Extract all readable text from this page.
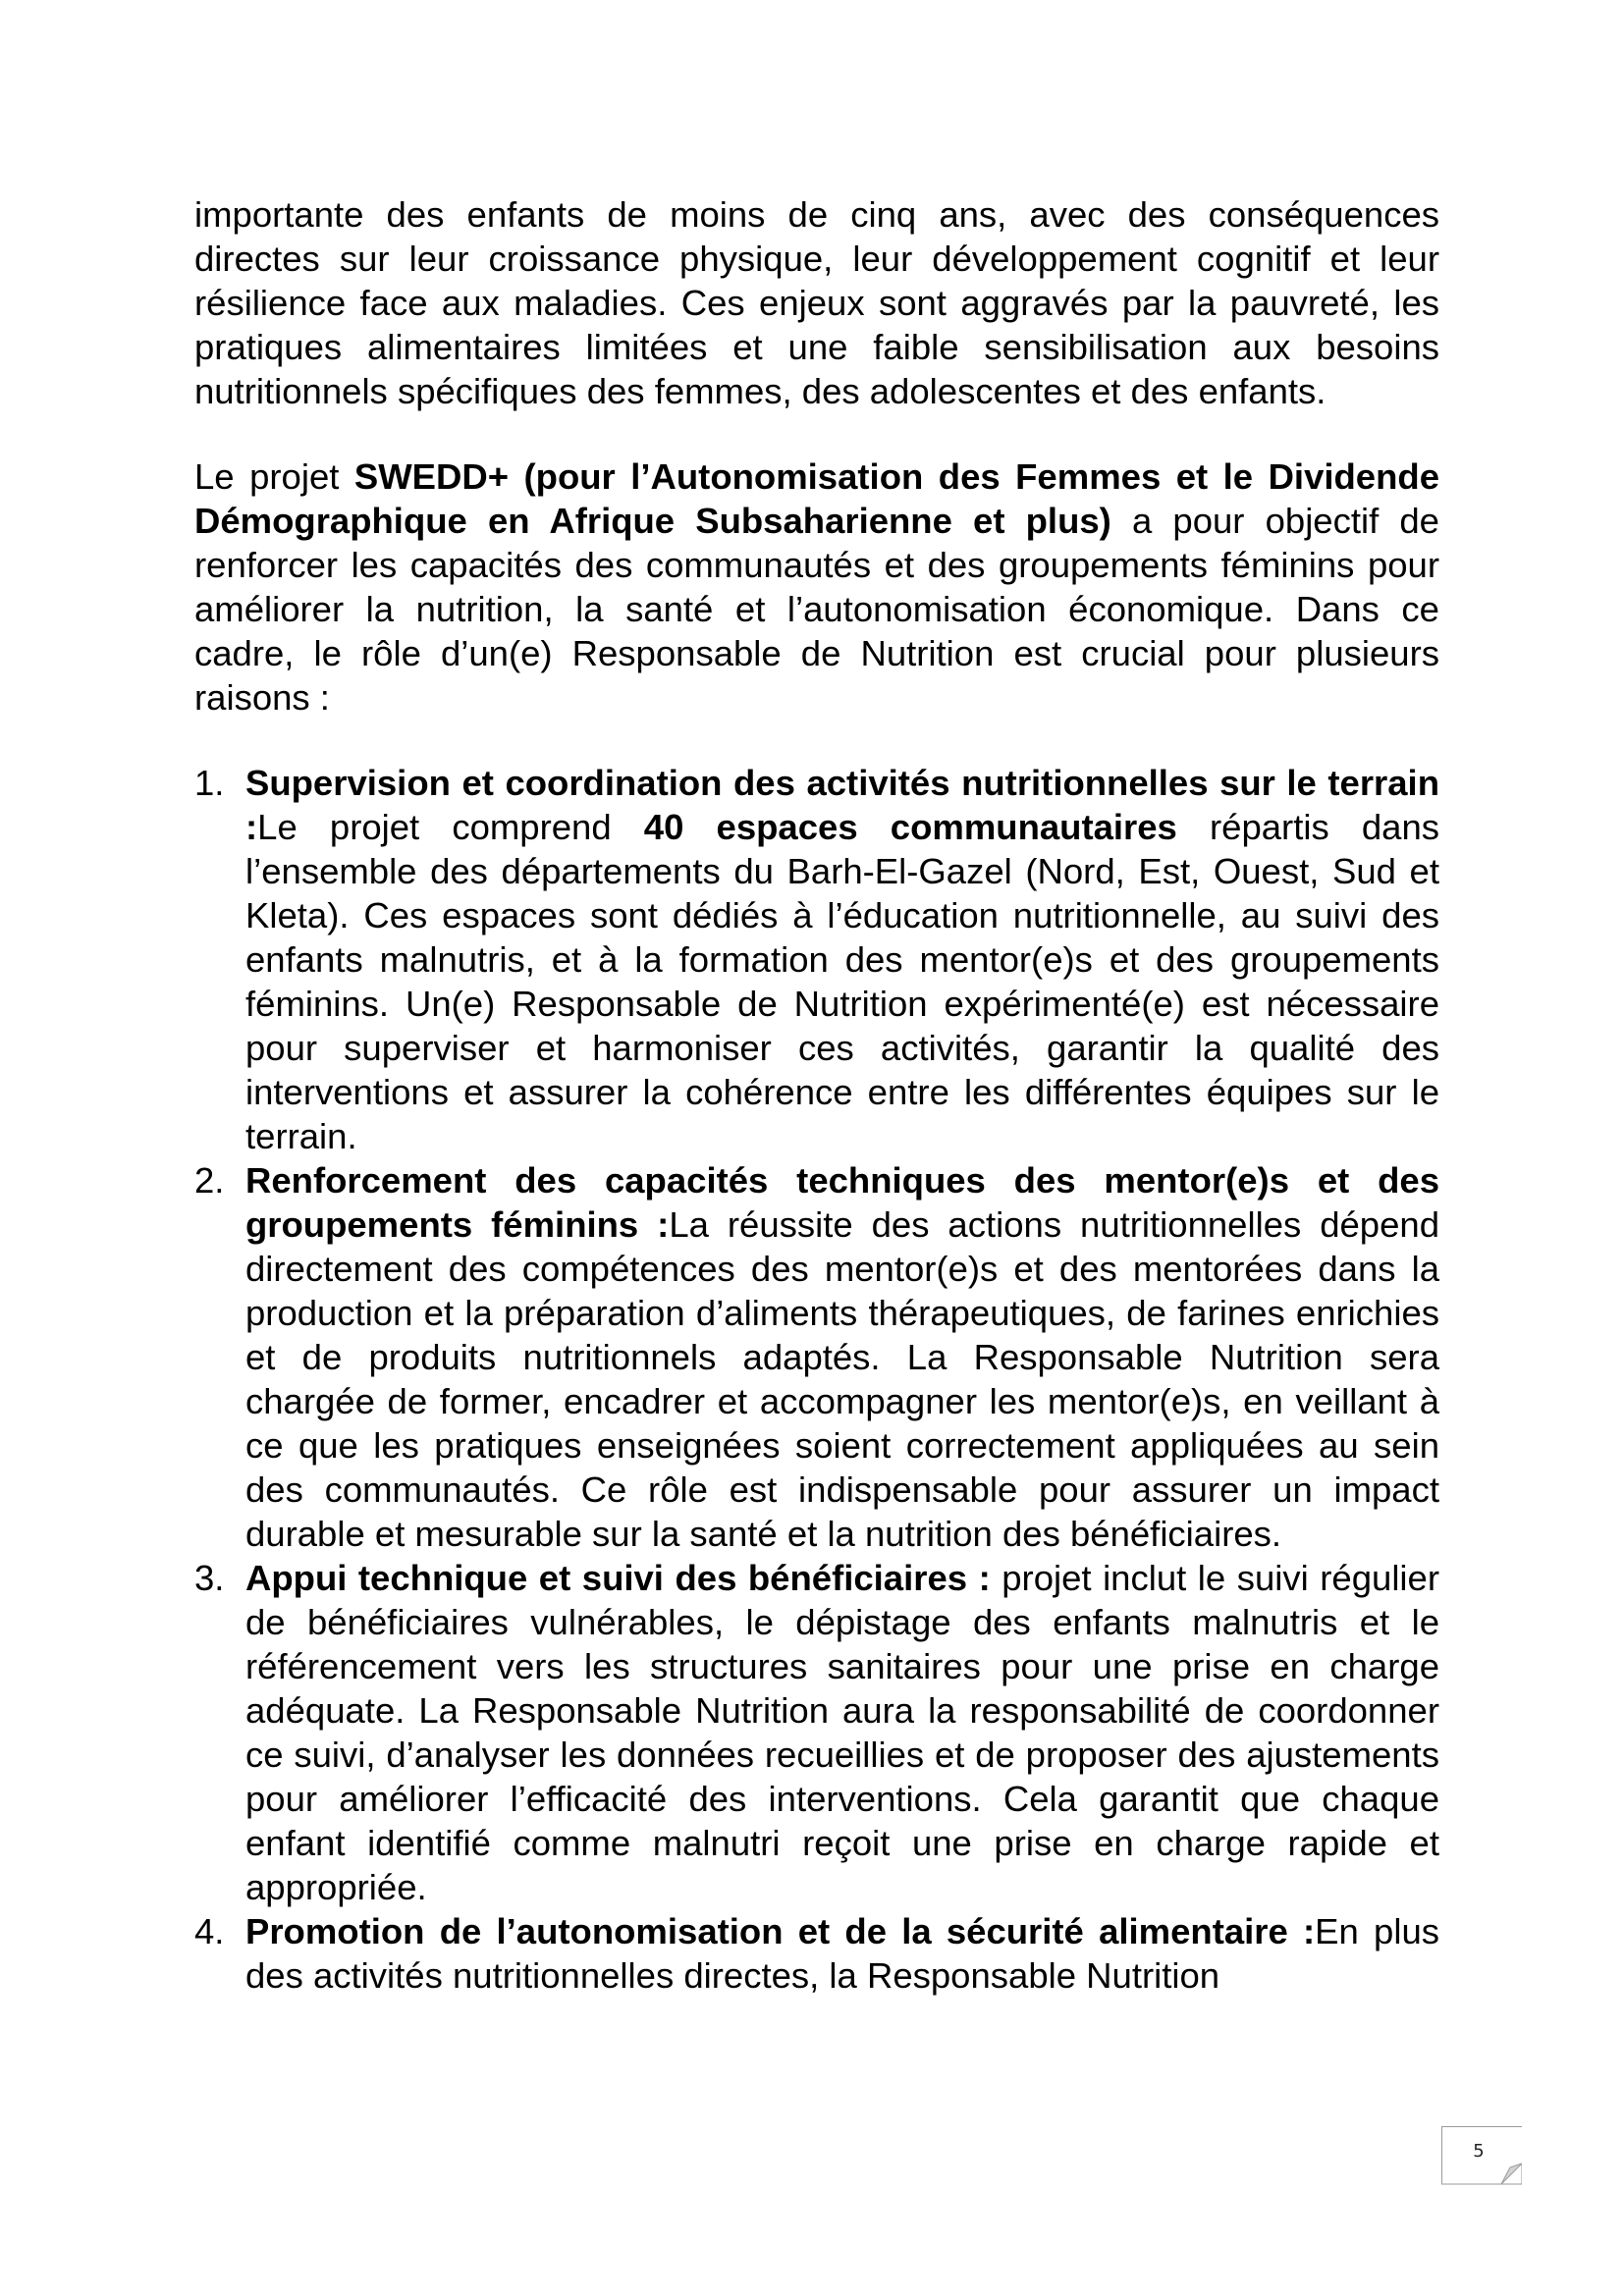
importante des enfants de moins de cinq ans, avec des conséquences directes sur leur croissance physique, leur développement cognitif et leur résilience face aux maladies. Ces enjeux sont aggravés par la pauvreté, les pratiques alimentaires limitées et une faible sensibilisation aux besoins nutritionnels spécifiques des femmes, des adolescentes et des enfants.

Le projet SWEDD+ (pour l’Autonomisation des Femmes et le Dividende Démographique en Afrique Subsaharienne et plus) a pour objectif de renforcer les capacités des communautés et des groupements féminins pour améliorer la nutrition, la santé et l’autonomisation économique. Dans ce cadre, le rôle d’un(e) Responsable de Nutrition est crucial pour plusieurs raisons :

1. Supervision et coordination des activités nutritionnelles sur le terrain :Le projet comprend 40 espaces communautaires répartis dans l’ensemble des départements du Barh-El-Gazel (Nord, Est, Ouest, Sud et Kleta). Ces espaces sont dédiés à l’éducation nutritionnelle, au suivi des enfants malnutris, et à la formation des mentor(e)s et des groupements féminins. Un(e) Responsable de Nutrition expérimenté(e) est nécessaire pour superviser et harmoniser ces activités, garantir la qualité des interventions et assurer la cohérence entre les différentes équipes sur le terrain.
2. Renforcement des capacités techniques des mentor(e)s et des groupements féminins :La réussite des actions nutritionnelles dépend directement des compétences des mentor(e)s et des mentorées dans la production et la préparation d’aliments thérapeutiques, de farines enrichies et de produits nutritionnels adaptés. La Responsable Nutrition sera chargée de former, encadrer et accompagner les mentor(e)s, en veillant à ce que les pratiques enseignées soient correctement appliquées au sein des communautés. Ce rôle est indispensable pour assurer un impact durable et mesurable sur la santé et la nutrition des bénéficiaires.
3. Appui technique et suivi des bénéficiaires : projet inclut le suivi régulier de bénéficiaires vulnérables, le dépistage des enfants malnutris et le référencement vers les structures sanitaires pour une prise en charge adéquate. La Responsable Nutrition aura la responsabilité de coordonner ce suivi, d’analyser les données recueillies et de proposer des ajustements pour améliorer l’efficacité des interventions. Cela garantit que chaque enfant identifié comme malnutri reçoit une prise en charge rapide et appropriée.
4. Promotion de l’autonomisation et de la sécurité alimentaire :En plus des activités nutritionnelles directes, la Responsable Nutrition
5
